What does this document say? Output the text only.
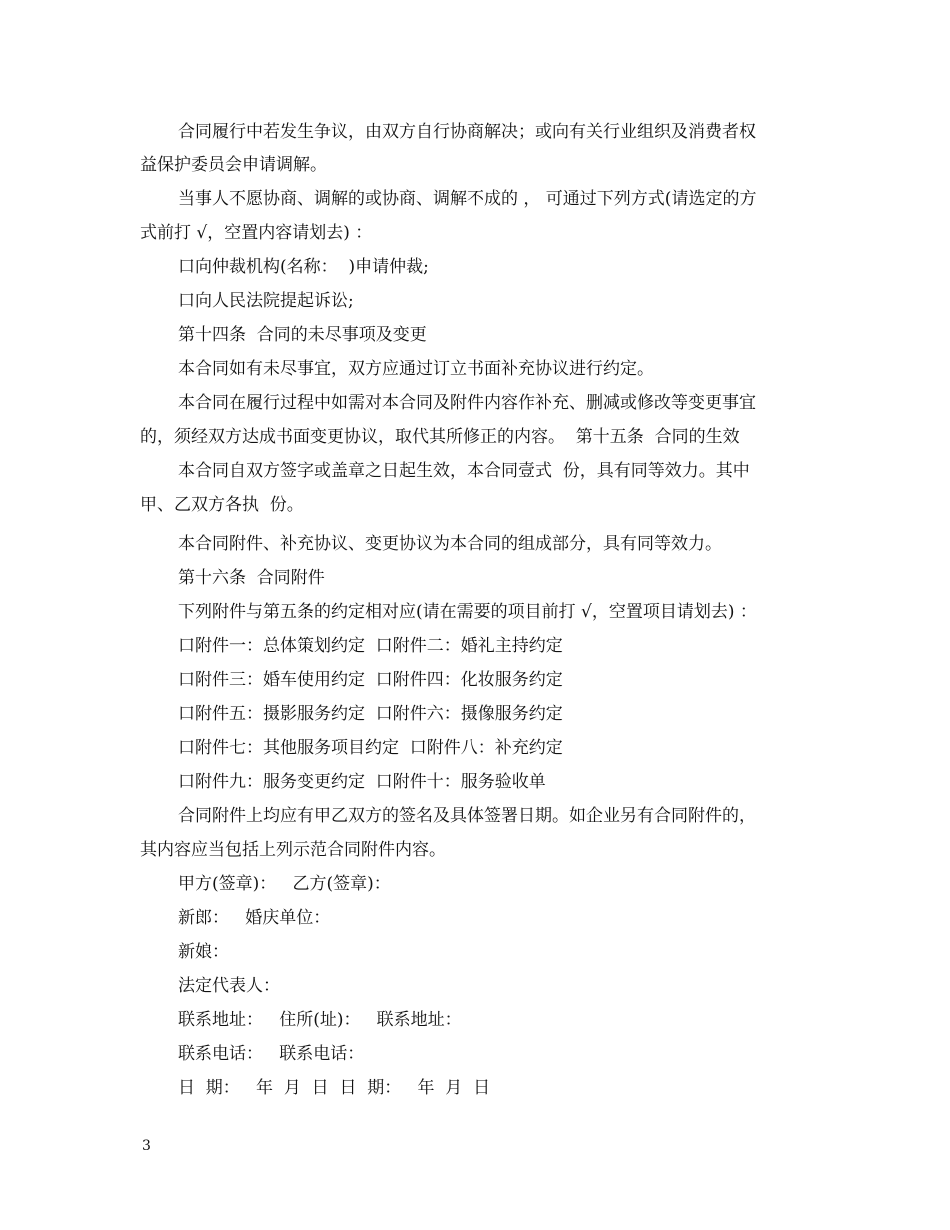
合同履行中若发生争议，由双方自行协商解决；或向有关行业组织及消费者权
益保护委员会申请调解。
当事人不愿协商、调解的或协商、调解不成的 ， 可通过下列方式(请选定的方
式前打 √，空置内容请划去) ：
口向仲裁机构(名称：  )申请仲裁;
口向人民法院提起诉讼;
第十四条  合同的未尽事项及变更
本合同如有未尽事宜，双方应通过订立书面补充协议进行约定。
本合同在履行过程中如需对本合同及附件内容作补充、删减或修改等变更事宜
的，须经双方达成书面变更协议，取代其所修正的内容。  第十五条  合同的生效
本合同自双方签字或盖章之日起生效，本合同壹式  份，具有同等效力。其中
甲、乙双方各执  份。
本合同附件、补充协议、变更协议为本合同的组成部分，具有同等效力。
第十六条  合同附件
下列附件与第五条的约定相对应(请在需要的项目前打 √，空置项目请划去) ：
口附件一：总体策划约定  口附件二：婚礼主持约定
口附件三：婚车使用约定  口附件四：化妆服务约定
口附件五：摄影服务约定  口附件六：摄像服务约定
口附件七：其他服务项目约定  口附件八：补充约定
口附件九：服务变更约定  口附件十：服务验收单
合同附件上均应有甲乙双方的签名及具体签署日期。如企业另有合同附件的，
其内容应当包括上列示范合同附件内容。
甲方(签章)：   乙方(签章)：
新郎：   婚庆单位：
新娘：
法定代表人：
联系地址：   住所(址)：   联系地址：
联系电话：   联系电话：
日  期：   年  月  日  日  期：   年  月  日
3
